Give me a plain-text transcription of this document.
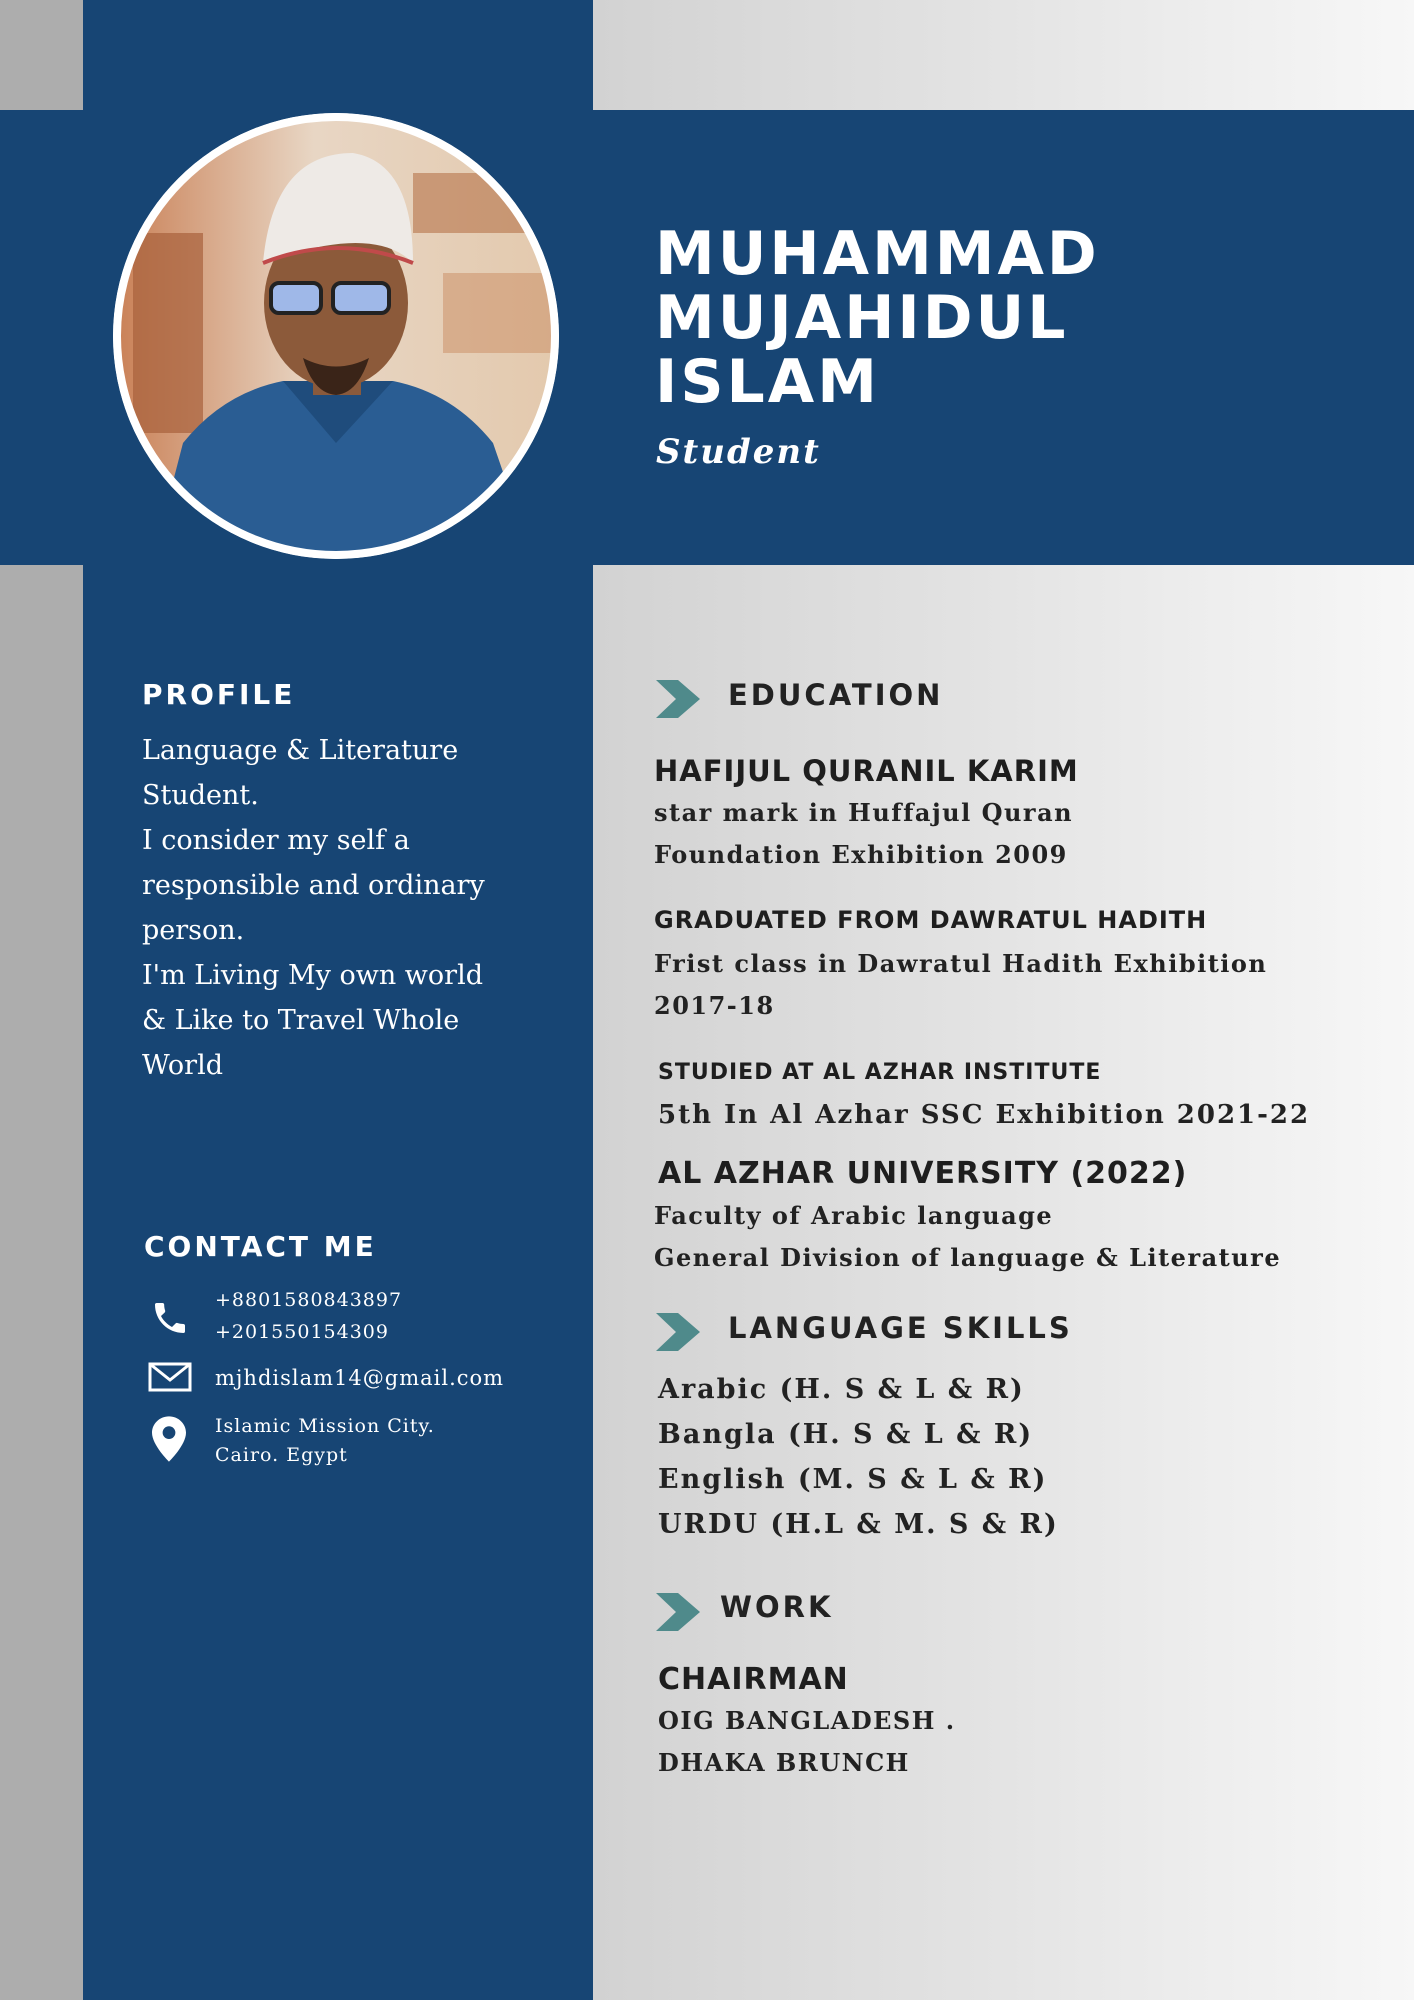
MUHAMMAD
MUJAHIDUL
ISLAM
Student
PROFILE
Language & Literature
Student.
I consider my self a
responsible and ordinary
person.
I'm Living My own world
& Like to Travel Whole
World
CONTACT ME
+8801580843897
+201550154309
mjhdislam14@gmail.com
Islamic Mission City.
Cairo. Egypt
EDUCATION
HAFIJUL QURANIL KARIM
star mark in Huffajul Quran
Foundation Exhibition 2009
GRADUATED FROM DAWRATUL HADITH
Frist class in Dawratul Hadith Exhibition
2017-18
STUDIED AT AL AZHAR INSTITUTE
5th In Al Azhar SSC Exhibition 2021-22
AL AZHAR UNIVERSITY (2022)
Faculty of Arabic language
General Division of language & Literature
LANGUAGE SKILLS
Arabic (H. S & L & R)
Bangla (H. S & L & R)
English (M. S & L & R)
URDU (H.L & M. S & R)
WORK
CHAIRMAN
OIG BANGLADESH .
DHAKA BRUNCH
